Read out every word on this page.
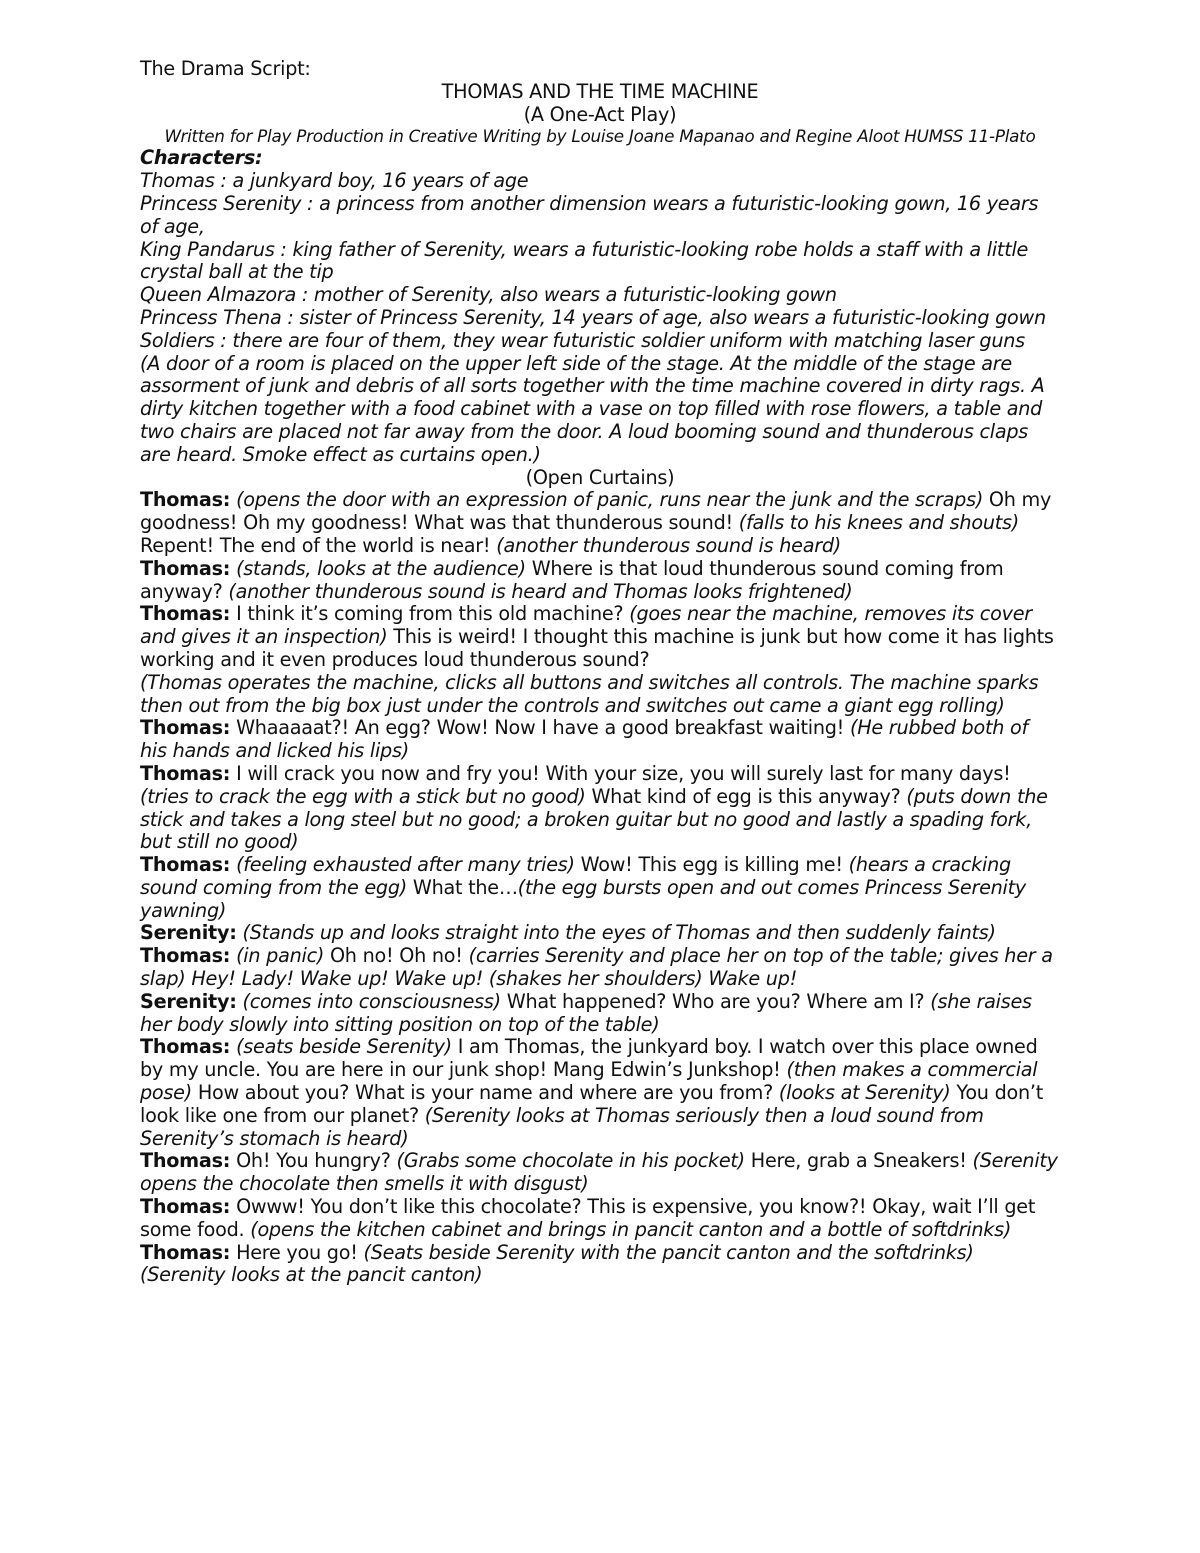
The Drama Script:

THOMAS AND THE TIME MACHINE

(A One-Act Play)

Written for Play Production in Creative Writing by Louise Joane Mapanao and Regine Aloot HUMSS 11-Plato

Characters:

Thomas : a junkyard boy, 16 years of age

Princess Serenity : a princess from another dimension wears a futuristic-looking gown, 16 years of age,

King Pandarus : king father of Serenity, wears a futuristic-looking robe holds a staff with a little crystal ball at the tip

Queen Almazora : mother of Serenity, also wears a futuristic-looking gown

Princess Thena : sister of Princess Serenity, 14 years of age, also wears a futuristic-looking gown

Soldiers : there are four of them, they wear futuristic soldier uniform with matching laser guns

(A door of a room is placed on the upper left side of the stage. At the middle of the stage are assorment of junk and debris of all sorts together with the time machine covered in dirty rags. A dirty kitchen together with a food cabinet with a vase on top filled with rose flowers, a table and two chairs are placed not far away from the door. A loud booming sound and thunderous claps are heard. Smoke effect as curtains open.)

(Open Curtains)

Thomas: (opens the door with an expression of panic, runs near the junk and the scraps) Oh my goodness! Oh my goodness! What was that thunderous sound! (falls to his knees and shouts) Repent! The end of the world is near! (another thunderous sound is heard)

Thomas: (stands, looks at the audience) Where is that loud thunderous sound coming from anyway? (another thunderous sound is heard and Thomas looks frightened)

Thomas: I think it’s coming from this old machine? (goes near the machine, removes its cover and gives it an inspection) This is weird! I thought this machine is junk but how come it has lights working and it even produces loud thunderous sound?

(Thomas operates the machine, clicks all buttons and switches all controls. The machine sparks then out from the big box just under the controls and switches out came a giant egg rolling)

Thomas: Whaaaaat?! An egg? Wow! Now I have a good breakfast waiting! (He rubbed both of his hands and licked his lips)

Thomas: I will crack you now and fry you! With your size, you will surely last for many days! (tries to crack the egg with a stick but no good) What kind of egg is this anyway? (puts down the stick and takes a long steel but no good; a broken guitar but no good and lastly a spading fork, but still no good)

Thomas: (feeling exhausted after many tries) Wow! This egg is killing me! (hears a cracking sound coming from the egg) What the…(the egg bursts open and out comes Princess Serenity yawning)

Serenity: (Stands up and looks straight into the eyes of Thomas and then suddenly faints)

Thomas: (in panic) Oh no! Oh no! (carries Serenity and place her on top of the table; gives her a slap) Hey! Lady! Wake up! Wake up! (shakes her shoulders) Wake up!

Serenity: (comes into consciousness) What happened? Who are you? Where am I? (she raises her body slowly into sitting position on top of the table)

Thomas: (seats beside Serenity) I am Thomas, the junkyard boy. I watch over this place owned by my uncle. You are here in our junk shop! Mang Edwin’s Junkshop! (then makes a commercial pose) How about you? What is your name and where are you from? (looks at Serenity) You don’t look like one from our planet? (Serenity looks at Thomas seriously then a loud sound from Serenity’s stomach is heard)

Thomas: Oh! You hungry? (Grabs some chocolate in his pocket) Here, grab a Sneakers! (Serenity opens the chocolate then smells it with disgust)

Thomas: Owww! You don’t like this chocolate? This is expensive, you know?! Okay, wait I’ll get some food. (opens the kitchen cabinet and brings in pancit canton and a bottle of softdrinks)

Thomas: Here you go! (Seats beside Serenity with the pancit canton and the softdrinks) (Serenity looks at the pancit canton)
